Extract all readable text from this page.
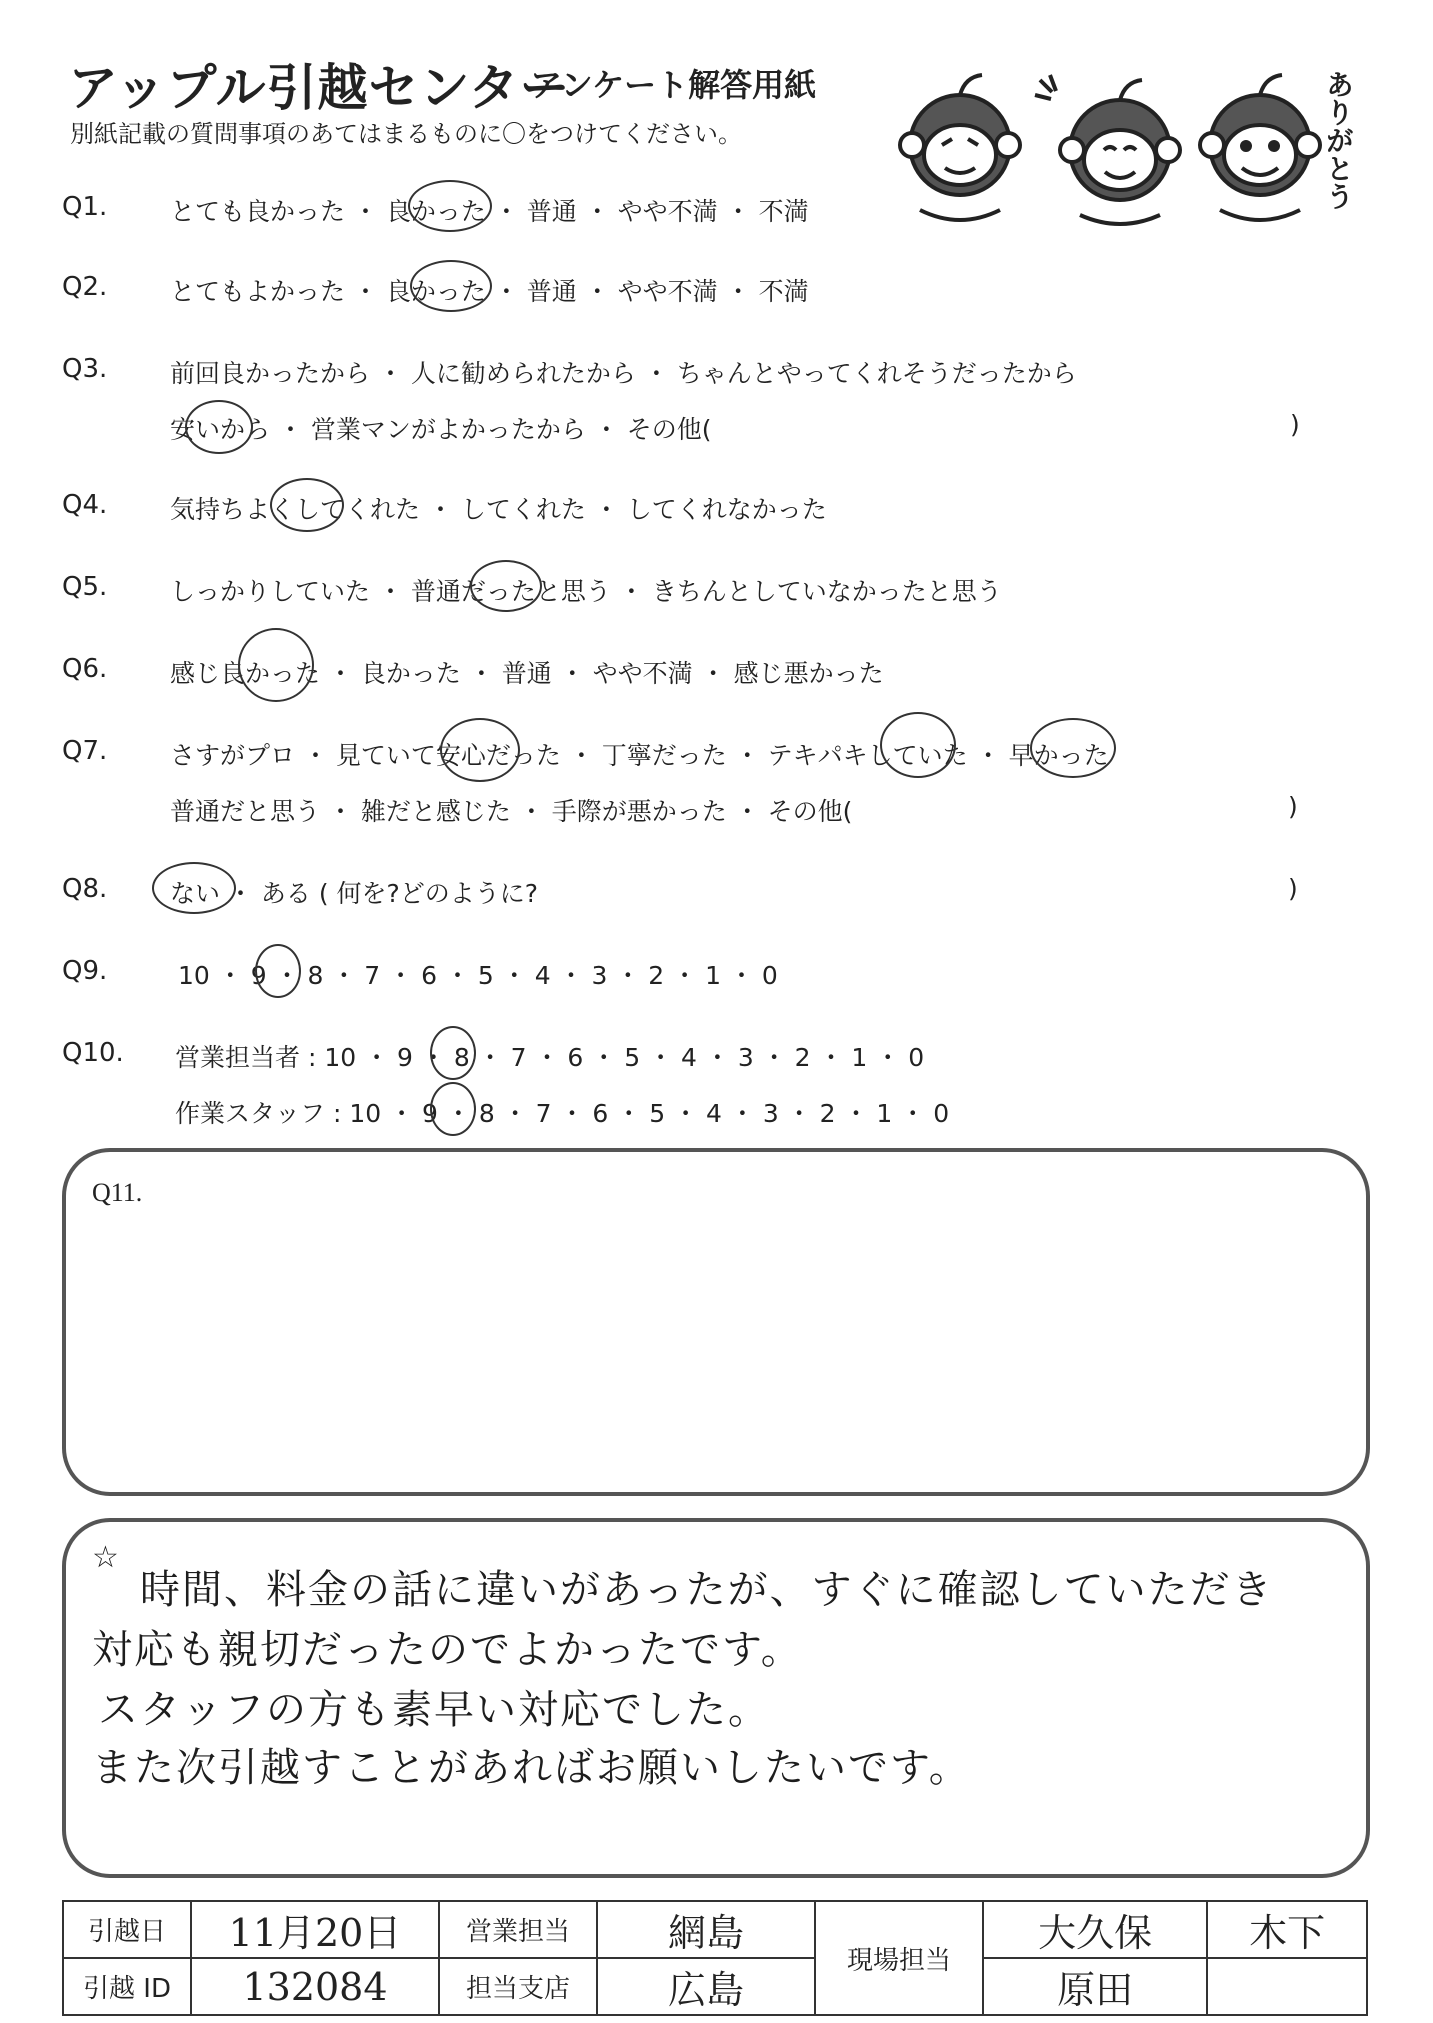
アップル引越センター
アンケート解答用紙
別紙記載の質問事項のあてはまるものに〇をつけてください。	ありがとう
Q1.	とても良かった ・ 良かった ・ 普通 ・ やや不満 ・ 不満
Q2.	とてもよかった ・ 良かった ・ 普通 ・ やや不満 ・ 不満
Q3.	前回良かったから ・ 人に勧められたから ・ ちゃんとやってくれそうだったから
安いから ・ 営業マンがよかったから ・ その他(	)
Q4.	気持ちよくしてくれた ・ してくれた ・ してくれなかった
Q5.	しっかりしていた ・ 普通だったと思う ・ きちんとしていなかったと思う
Q6.	感じ良かった ・ 良かった ・ 普通 ・ やや不満 ・ 感じ悪かった
Q7.	さすがプロ ・ 見ていて安心だった ・ 丁寧だった ・ テキパキしていた ・ 早かった
普通だと思う ・ 雑だと感じた ・ 手際が悪かった ・ その他(	)
Q8.	ない ・ ある ( 何を?どのように?	)
Q9.	10 ・ 9 ・ 8 ・ 7 ・ 6 ・ 5 ・ 4 ・ 3 ・ 2 ・ 1 ・ 0
Q10. 営業担当者 : 10 ・ 9 ・ 8 ・ 7 ・ 6 ・ 5 ・ 4 ・ 3 ・ 2 ・ 1 ・ 0
作業スタッフ : 10 ・ 9 ・ 8 ・ 7 ・ 6 ・ 5 ・ 4 ・ 3 ・ 2 ・ 1 ・ 0
Q11.
☆
時間、料金の話に違いがあったが、すぐに確認していただき
対応も親切だったのでよかったです。
スタッフの方も素早い対応でした。
また次引越すことがあればお願いしたいです。
引越日	11月20日	営業担当	網島	現場担当	大久保	木下
引越 ID	132084	担当支店	広島		原田	
